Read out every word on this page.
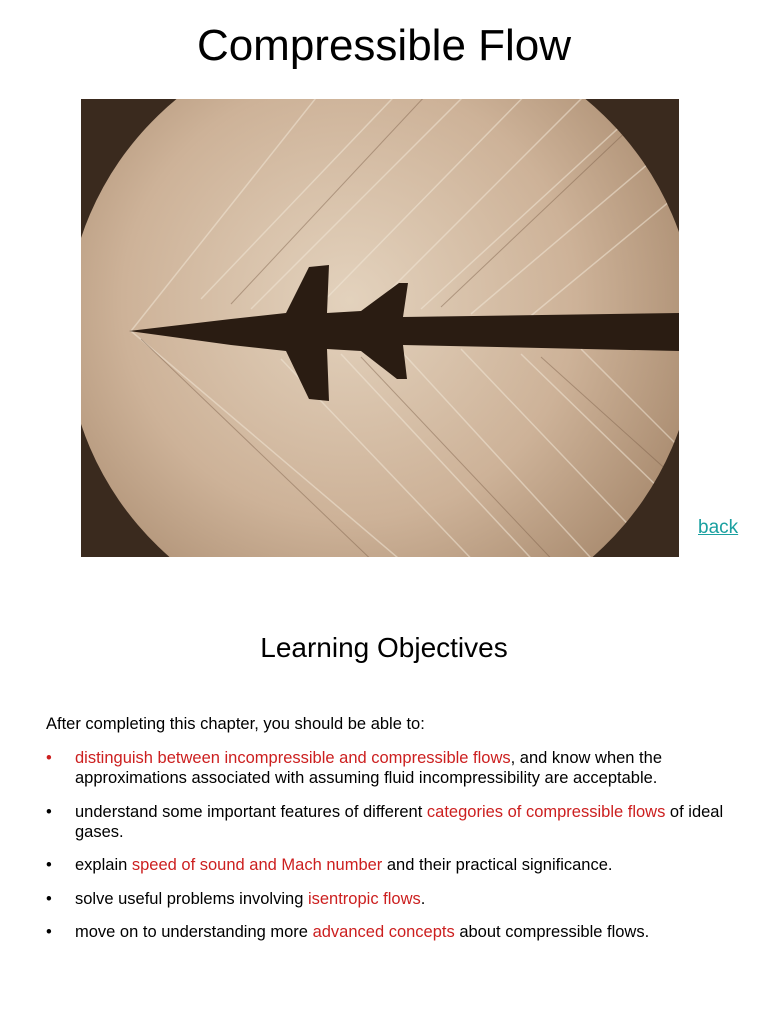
Compressible Flow
back
Learning Objectives

After completing this chapter, you should be able to:

• distinguish between incompressible and compressible flows, and know when the approximations associated with assuming fluid incompressibility are acceptable.
• understand some important features of different categories of compressible flows of ideal gases.
• explain speed of sound and Mach number and their practical significance.
• solve useful problems involving isentropic flows.
• move on to understanding more advanced concepts about compressible flows.
